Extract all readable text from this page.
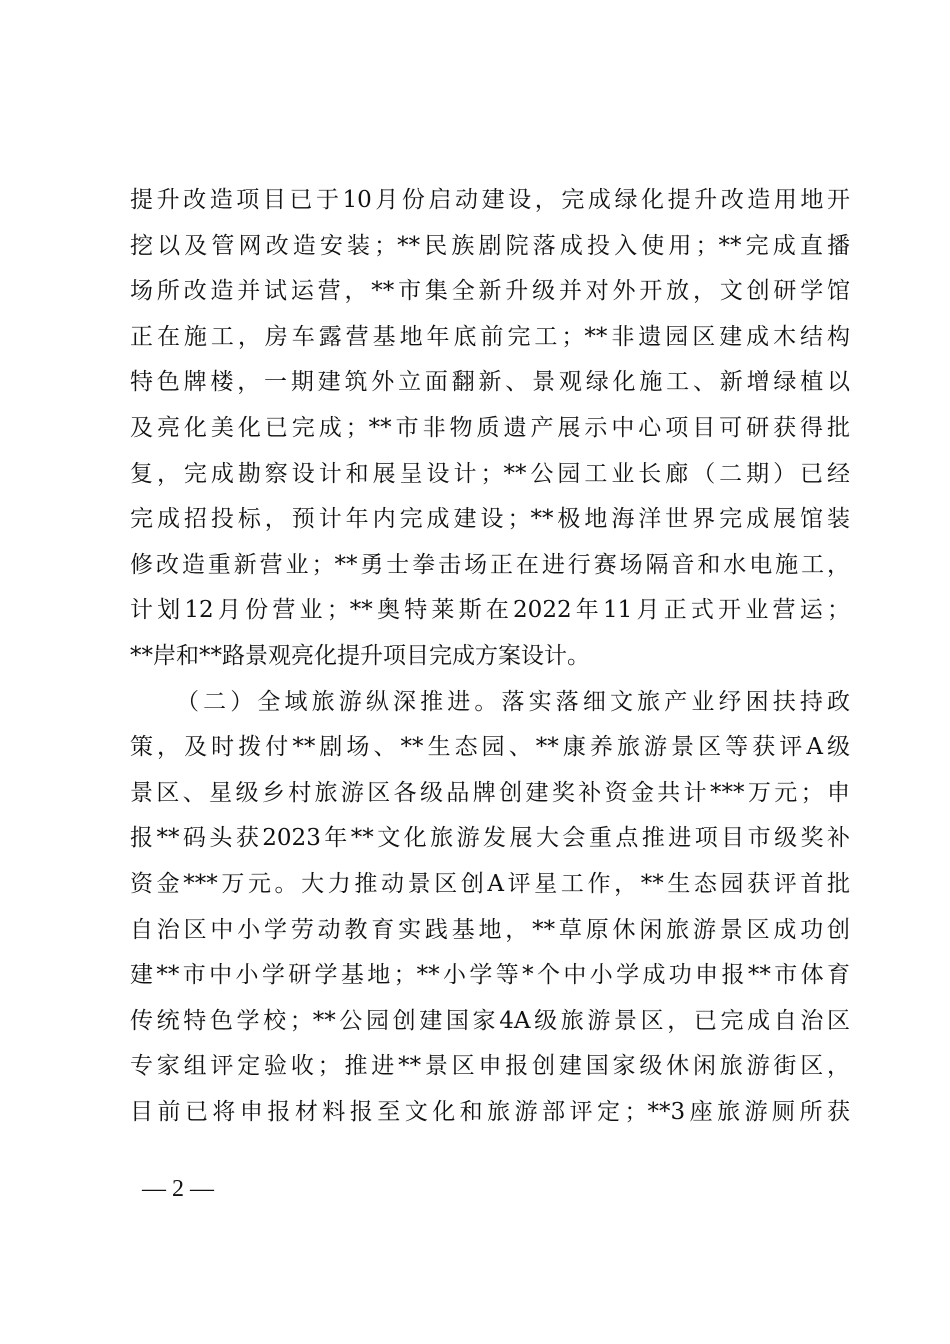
提升改造项目已于10月份启动建设，完成绿化提升改造用地开
挖以及管网改造安装；**民族剧院落成投入使用；**完成直播
场所改造并试运营，**市集全新升级并对外开放，文创研学馆
正在施工，房车露营基地年底前完工；**非遗园区建成木结构
特色牌楼，一期建筑外立面翻新、景观绿化施工、新增绿植以
及亮化美化已完成；**市非物质遗产展示中心项目可研获得批
复，完成勘察设计和展呈设计；**公园工业长廊（二期）已经
完成招投标，预计年内完成建设；**极地海洋世界完成展馆装
修改造重新营业；**勇士拳击场正在进行赛场隔音和水电施工，
计划12月份营业；**奥特莱斯在2022年11月正式开业营运；
**岸和**路景观亮化提升项目完成方案设计。
（二）全域旅游纵深推进。落实落细文旅产业纾困扶持政
策，及时拨付**剧场、**生态园、**康养旅游景区等获评A级
景区、星级乡村旅游区各级品牌创建奖补资金共计***万元；申
报**码头获2023年**文化旅游发展大会重点推进项目市级奖补
资金***万元。大力推动景区创A评星工作，**生态园获评首批
自治区中小学劳动教育实践基地，**草原休闲旅游景区成功创
建**市中小学研学基地；**小学等*个中小学成功申报**市体育
传统特色学校；**公园创建国家4A级旅游景区，已完成自治区
专家组评定验收；推进**景区申报创建国家级休闲旅游街区，
目前已将申报材料报至文化和旅游部评定；**3座旅游厕所获
— 2 —
